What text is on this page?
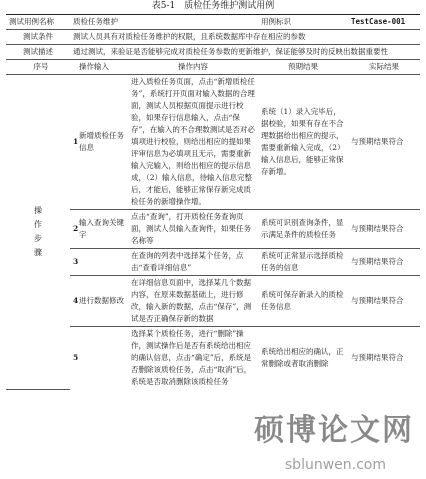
表5-1　质检任务维护测试用例
测试用例名称	质检任务维护			用例标识	TestCase-001
测试条件	测试人员具有对质检任务维护的权限，且系统数据库中存在相应的参数				
测试描述	通过测试，来验证是否能够完成对质检任务参数的更新维护，保证能够及时的反映出数据重要性				
序号		操作输入	操作内容	预期结果	实际结果
操
作
步
骤	1	新增质检任务信息	进入质检任务页面，点击“新增质检任务”，系统打开页面对输入数据的合理面，测试人员根据页面提示进行校验，如果存行信息输入，点击“保存”，在输入的不合理数测试是否对必填项进行校验，则给出相应的提如果评审信息为必填项且无示，需要重新输入完输入，则给出相应的提示信息成，（2）输入信息，待输入信息完整后，才能后，能够正常保存新完成质检任务的新增操作增。	系统（1）录入完毕后，据校验，如果有存在不合理数据给出相应的提示，需要重新输入完成，（2）输入信息后，能够正常保存新增。	与预期结果符合
	2	输入查询关键字	点击“查询”，打开质检任务查询页面，测试人员输入查询件，如果任务名称等	系统可识别查询条件，显示满足条件的质检任务	与预期结果符合
	3		在查询的列表中选择某个任务，点击“查看详细信息”	系统可正常显示选择质检任务的信息	与预期结果符合
	4	进行数据修改	在详细信息页面中，选择某几个数据内容，在原来数据基础上，进行修改，输入新的数据，点击“保存”，测试是否正确保存新的数据	系统可保存新录入的质检任务信息	与预期结果符合
	5		选择某个质检任务，进行“删除”操作，测试操作后是否有系统给出相应的确认信息，点击“确定”后，系统是否删除该质检任务，点击“取消”后，系统是否取消删除该质检任务	系统给出相应的确认，正常删除或者取消删除	与预期结果符合
硕博论文网
sblunwen.com
